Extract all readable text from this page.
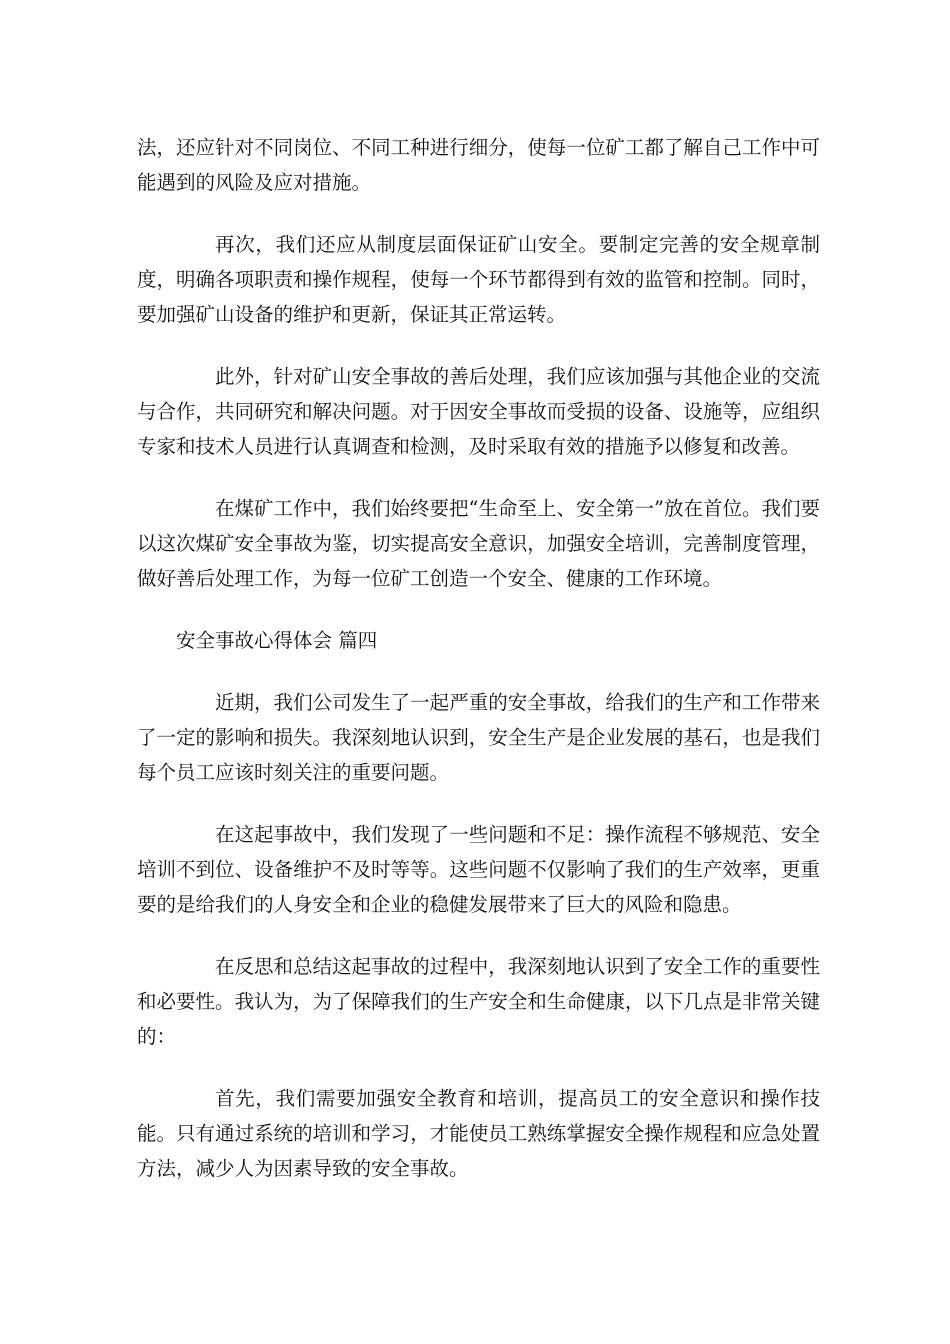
法，还应针对不同岗位、不同工种进行细分，使每一位矿工都了解自己工作中可能遇到的风险及应对措施。

再次，我们还应从制度层面保证矿山安全。要制定完善的安全规章制度，明确各项职责和操作规程，使每一个环节都得到有效的监管和控制。同时，要加强矿山设备的维护和更新，保证其正常运转。

此外，针对矿山安全事故的善后处理，我们应该加强与其他企业的交流与合作，共同研究和解决问题。对于因安全事故而受损的设备、设施等，应组织专家和技术人员进行认真调查和检测，及时采取有效的措施予以修复和改善。

在煤矿工作中，我们始终要把“生命至上、安全第一”放在首位。我们要以这次煤矿安全事故为鉴，切实提高安全意识，加强安全培训，完善制度管理，做好善后处理工作，为每一位矿工创造一个安全、健康的工作环境。

安全事故心得体会 篇四

近期，我们公司发生了一起严重的安全事故，给我们的生产和工作带来了一定的影响和损失。我深刻地认识到，安全生产是企业发展的基石，也是我们每个员工应该时刻关注的重要问题。

在这起事故中，我们发现了一些问题和不足：操作流程不够规范、安全培训不到位、设备维护不及时等等。这些问题不仅影响了我们的生产效率，更重要的是给我们的人身安全和企业的稳健发展带来了巨大的风险和隐患。

在反思和总结这起事故的过程中，我深刻地认识到了安全工作的重要性和必要性。我认为，为了保障我们的生产安全和生命健康，以下几点是非常关键的：

首先，我们需要加强安全教育和培训，提高员工的安全意识和操作技能。只有通过系统的培训和学习，才能使员工熟练掌握安全操作规程和应急处置方法，减少人为因素导致的安全事故。
